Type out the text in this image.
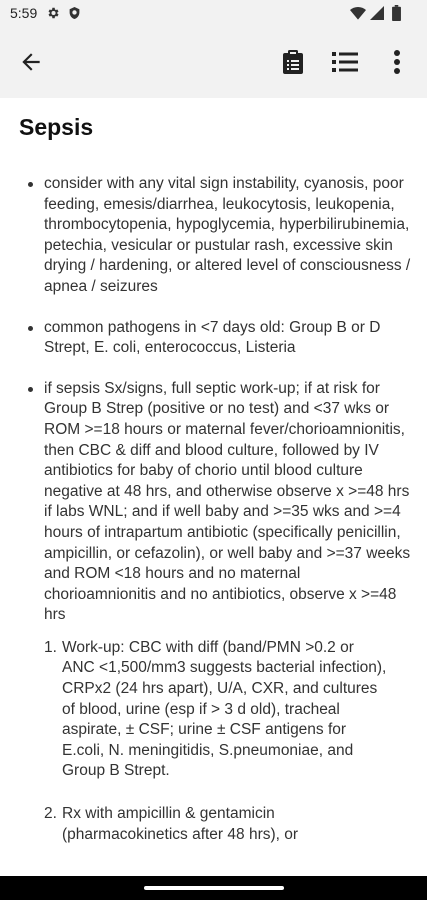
5:59
Sepsis
consider with any vital sign instability, cyanosis, poor feeding, emesis/diarrhea, leukocytosis, leukopenia, thrombocytopenia, hypoglycemia, hyperbilirubinemia, petechia, vesicular or pustular rash, excessive skin drying / hardening, or altered level of consciousness / apnea / seizures
common pathogens in <7 days old: Group B or D Strept, E. coli, enterococcus, Listeria
if sepsis Sx/signs, full septic work-up; if at risk for Group B Strep (positive or no test) and <37 wks or ROM >=18 hours or maternal fever/chorioamnionitis, then CBC & diff and blood culture, followed by IV antibiotics for baby of chorio until blood culture negative at 48 hrs, and otherwise observe x >=48 hrs if labs WNL; and if well baby and >=35 wks and >=4 hours of intrapartum antibiotic (specifically penicillin, ampicillin, or cefazolin), or well baby and >=37 weeks and ROM <18 hours and no maternal chorioamnionitis and no antibiotics, observe x >=48 hrs
1. Work-up: CBC with diff (band/PMN >0.2 or ANC <1,500/mm3 suggests bacterial infection), CRPx2 (24 hrs apart), U/A, CXR, and cultures of blood, urine (esp if > 3 d old), tracheal aspirate, ± CSF; urine ± CSF antigens for E.coli, N. meningitidis, S.pneumoniae, and Group B Strept.
2. Rx with ampicillin & gentamicin (pharmacokinetics after 48 hrs), or
